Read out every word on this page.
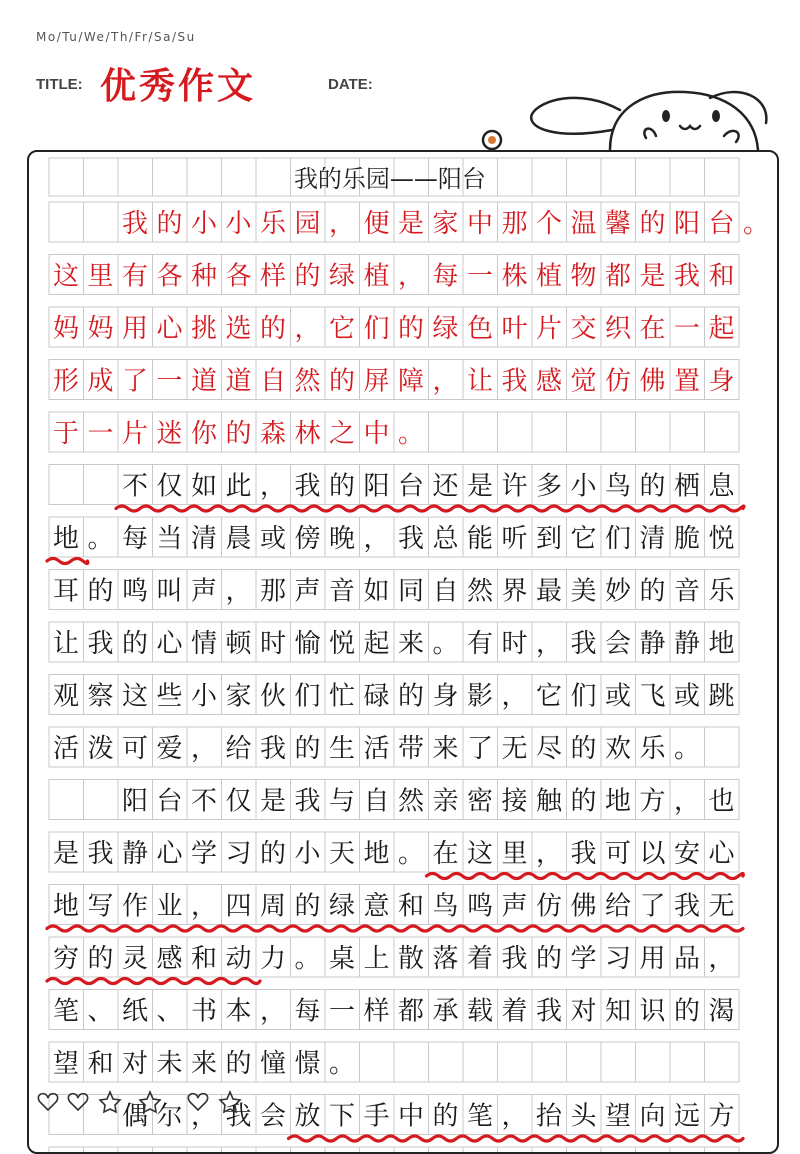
Mo/Tu/We/Th/Fr/Sa/Su
TITLE: 优秀作文	DATE:
我的乐园——阳台
我 的 小 小 乐 园 ， 便 是 家 中 那 个 温 馨 的 阳 台 。
这 里 有 各 种 各 样 的 绿 植 ， 每 一 株 植 物 都 是 我 和
妈 妈 用 心 挑 选 的 ， 它 们 的 绿 色 叶 片 交 织 在 一 起
形 成 了 一 道 道 自 然 的 屏 障 ， 让 我 感 觉 仿 佛 置 身
于 一 片 迷 你 的 森 林 之 中 。
不 仅 如 此 ， 我 的 阳 台 还 是 许 多 小 鸟 的 栖 息
地 。 每 当 清 晨 或 傍 晚 ， 我 总 能 听 到 它 们 清 脆 悦
耳 的 鸣 叫 声 ， 那 声 音 如 同 自 然 界 最 美 妙 的 音 乐
让 我 的 心 情 顿 时 愉 悦 起 来 。 有 时 ， 我 会 静 静 地
观 察 这 些 小 家 伙 们 忙 碌 的 身 影 ， 它 们 或 飞 或 跳
活 泼 可 爱 ， 给 我 的 生 活 带 来 了 无 尽 的 欢 乐 。
阳 台 不 仅 是 我 与 自 然 亲 密 接 触 的 地 方 ， 也
是 我 静 心 学 习 的 小 天 地 。 在 这 里 ， 我 可 以 安 心
地 写 作 业 ， 四 周 的 绿 意 和 鸟 鸣 声 仿 佛 给 了 我 无
穷 的 灵 感 和 动 力 。 桌 上 散 落 着 我 的 学 习 用 品 ，
笔 、 纸 、 书 本 ， 每 一 样 都 承 载 着 我 对 知 识 的 渴
望 和 对 未 来 的 憧 憬 。
偶 尔 ， 我 会 放 下 手 中 的 笔 ， 抬 头 望 向 远 方
